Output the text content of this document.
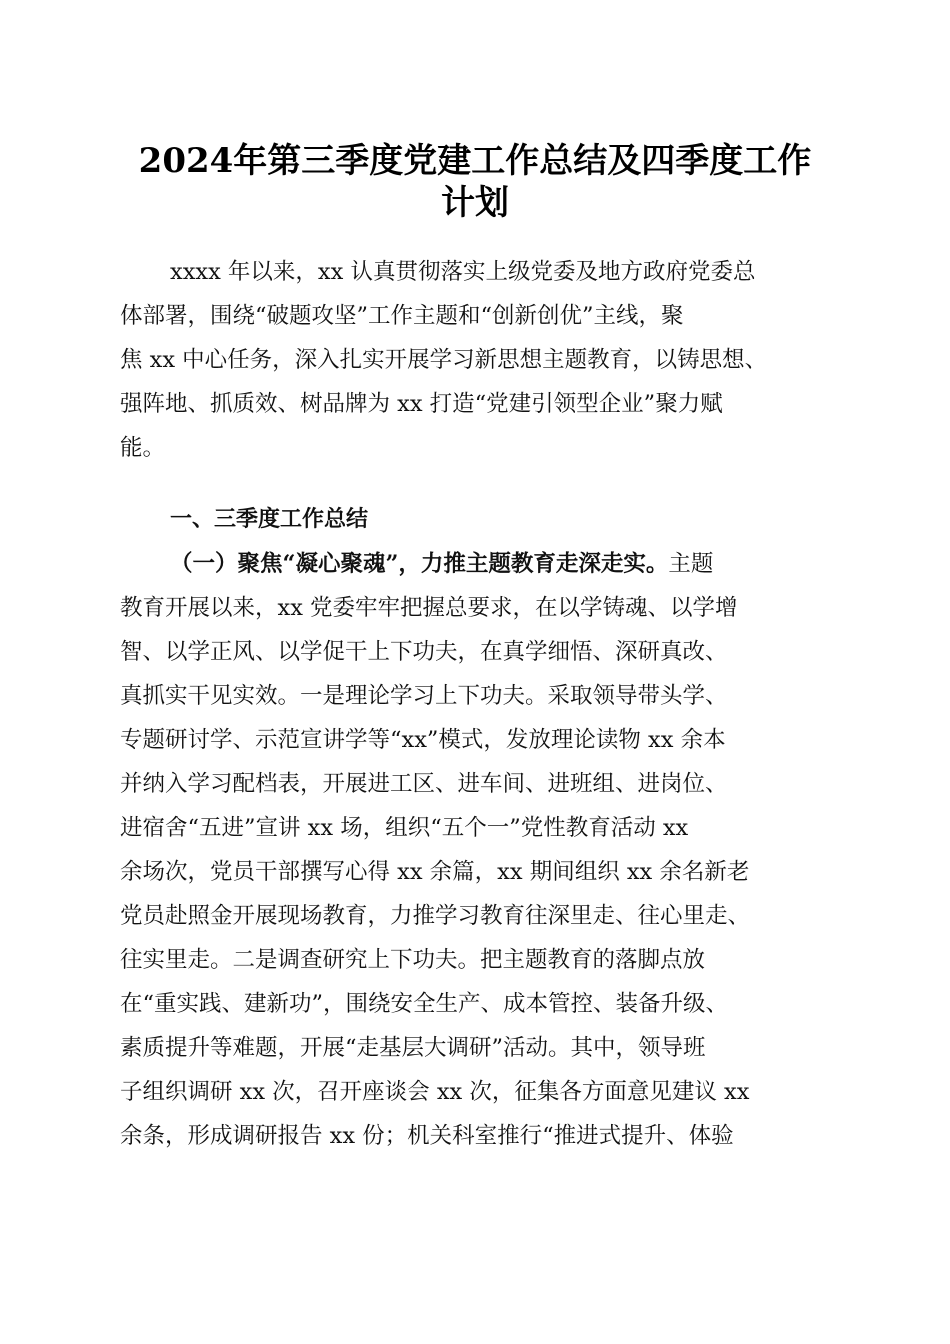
2024年第三季度党建工作总结及四季度工作
计划
xxxx 年以来，xx 认真贯彻落实上级党委及地方政府党委总
体部署，围绕“破题攻坚”工作主题和“创新创优”主线，聚
焦 xx 中心任务，深入扎实开展学习新思想主题教育，以铸思想、
强阵地、抓质效、树品牌为 xx 打造“党建引领型企业”聚力赋
能。
一、三季度工作总结
（一）聚焦“凝心聚魂”，力推主题教育走深走实。主题
教育开展以来，xx 党委牢牢把握总要求，在以学铸魂、以学增
智、以学正风、以学促干上下功夫，在真学细悟、深研真改、
真抓实干见实效。一是理论学习上下功夫。采取领导带头学、
专题研讨学、示范宣讲学等“xx”模式，发放理论读物 xx 余本
并纳入学习配档表，开展进工区、进车间、进班组、进岗位、
进宿舍“五进”宣讲 xx 场，组织“五个一”党性教育活动 xx
余场次，党员干部撰写心得 xx 余篇，xx 期间组织 xx 余名新老
党员赴照金开展现场教育，力推学习教育往深里走、往心里走、
往实里走。二是调查研究上下功夫。把主题教育的落脚点放
在“重实践、建新功”，围绕安全生产、成本管控、装备升级、
素质提升等难题，开展“走基层大调研”活动。其中，领导班
子组织调研 xx 次，召开座谈会 xx 次，征集各方面意见建议 xx
余条，形成调研报告 xx 份；机关科室推行“推进式提升、体验
